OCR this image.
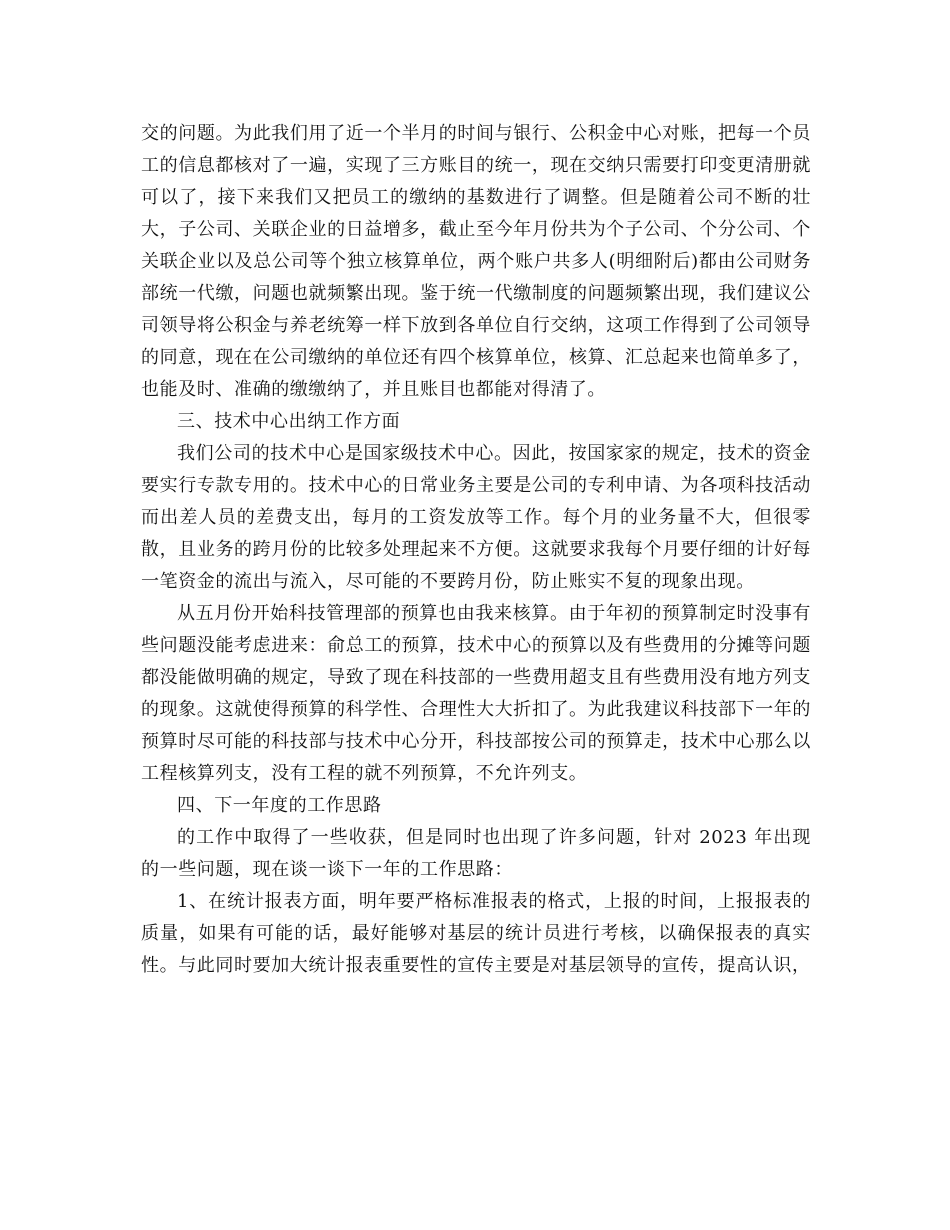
交的问题。为此我们用了近一个半月的时间与银行、公积金中心对账，把每一个员工的信息都核对了一遍，实现了三方账目的统一，现在交纳只需要打印变更清册就可以了，接下来我们又把员工的缴纳的基数进行了调整。但是随着公司不断的壮大，子公司、关联企业的日益增多，截止至今年月份共为个子公司、个分公司、个关联企业以及总公司等个独立核算单位，两个账户共多人(明细附后)都由公司财务部统一代缴，问题也就频繁出现。鉴于统一代缴制度的问题频繁出现，我们建议公司领导将公积金与养老统筹一样下放到各单位自行交纳，这项工作得到了公司领导的同意，现在在公司缴纳的单位还有四个核算单位，核算、汇总起来也简单多了，也能及时、准确的缴缴纳了，并且账目也都能对得清了。

三、技术中心出纳工作方面

我们公司的技术中心是国家级技术中心。因此，按国家家的规定，技术的资金要实行专款专用的。技术中心的日常业务主要是公司的专利申请、为各项科技活动而出差人员的差费支出，每月的工资发放等工作。每个月的业务量不大，但很零散，且业务的跨月份的比较多处理起来不方便。这就要求我每个月要仔细的计好每一笔资金的流出与流入，尽可能的不要跨月份，防止账实不复的现象出现。

从五月份开始科技管理部的预算也由我来核算。由于年初的预算制定时没事有些问题没能考虑进来：俞总工的预算，技术中心的预算以及有些费用的分摊等问题都没能做明确的规定，导致了现在科技部的一些费用超支且有些费用没有地方列支的现象。这就使得预算的科学性、合理性大大折扣了。为此我建议科技部下一年的预算时尽可能的科技部与技术中心分开，科技部按公司的预算走，技术中心那么以工程核算列支，没有工程的就不列预算，不允许列支。

四、下一年度的工作思路

的工作中取得了一些收获，但是同时也出现了许多问题，针对 2023 年出现的一些问题，现在谈一谈下一年的工作思路：

1、在统计报表方面，明年要严格标准报表的格式，上报的时间，上报报表的质量，如果有可能的话，最好能够对基层的统计员进行考核，以确保报表的真实性。与此同时要加大统计报表重要性的宣传主要是对基层领导的宣传，提高认识，
